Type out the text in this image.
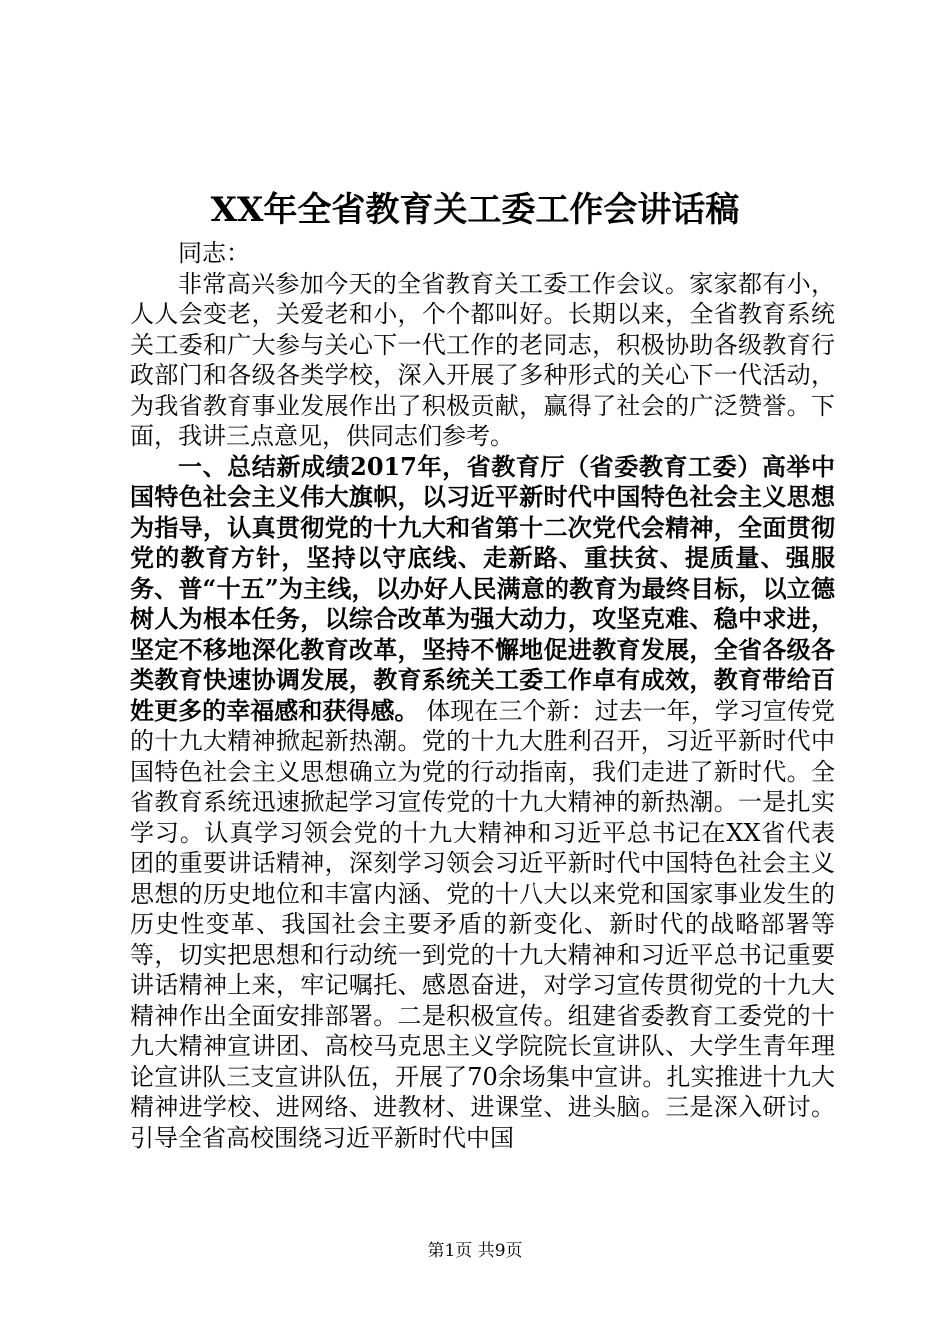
XX年全省教育关工委工作会讲话稿

同志：

非常高兴参加今天的全省教育关工委工作会议。家家都有小，人人会变老，关爱老和小，个个都叫好。长期以来，全省教育系统关工委和广大参与关心下一代工作的老同志，积极协助各级教育行政部门和各级各类学校，深入开展了多种形式的关心下一代活动，为我省教育事业发展作出了积极贡献，赢得了社会的广泛赞誉。下面，我讲三点意见，供同志们参考。

一、总结新成绩2017年，省教育厅（省委教育工委）高举中国特色社会主义伟大旗帜，以习近平新时代中国特色社会主义思想为指导，认真贯彻党的十九大和省第十二次党代会精神，全面贯彻党的教育方针，坚持以守底线、走新路、重扶贫、提质量、强服务、普“十五”为主线，以办好人民满意的教育为最终目标，以立德树人为根本任务，以综合改革为强大动力，攻坚克难、稳中求进，坚定不移地深化教育改革，坚持不懈地促进教育发展，全省各级各类教育快速协调发展，教育系统关工委工作卓有成效，教育带给百姓更多的幸福感和获得感。 体现在三个新：过去一年，学习宣传党的十九大精神掀起新热潮。党的十九大胜利召开，习近平新时代中国特色社会主义思想确立为党的行动指南，我们走进了新时代。全省教育系统迅速掀起学习宣传党的十九大精神的新热潮。一是扎实学习。认真学习领会党的十九大精神和习近平总书记在XX省代表团的重要讲话精神，深刻学习领会习近平新时代中国特色社会主义思想的历史地位和丰富内涵、党的十八大以来党和国家事业发生的历史性变革、我国社会主要矛盾的新变化、新时代的战略部署等等，切实把思想和行动统一到党的十九大精神和习近平总书记重要讲话精神上来，牢记嘱托、感恩奋进，对学习宣传贯彻党的十九大精神作出全面安排部署。二是积极宣传。组建省委教育工委党的十九大精神宣讲团、高校马克思主义学院院长宣讲队、大学生青年理论宣讲队三支宣讲队伍，开展了70余场集中宣讲。扎实推进十九大精神进学校、进网络、进教材、进课堂、进头脑。三是深入研讨。引导全省高校围绕习近平新时代中国

第1页 共9页
